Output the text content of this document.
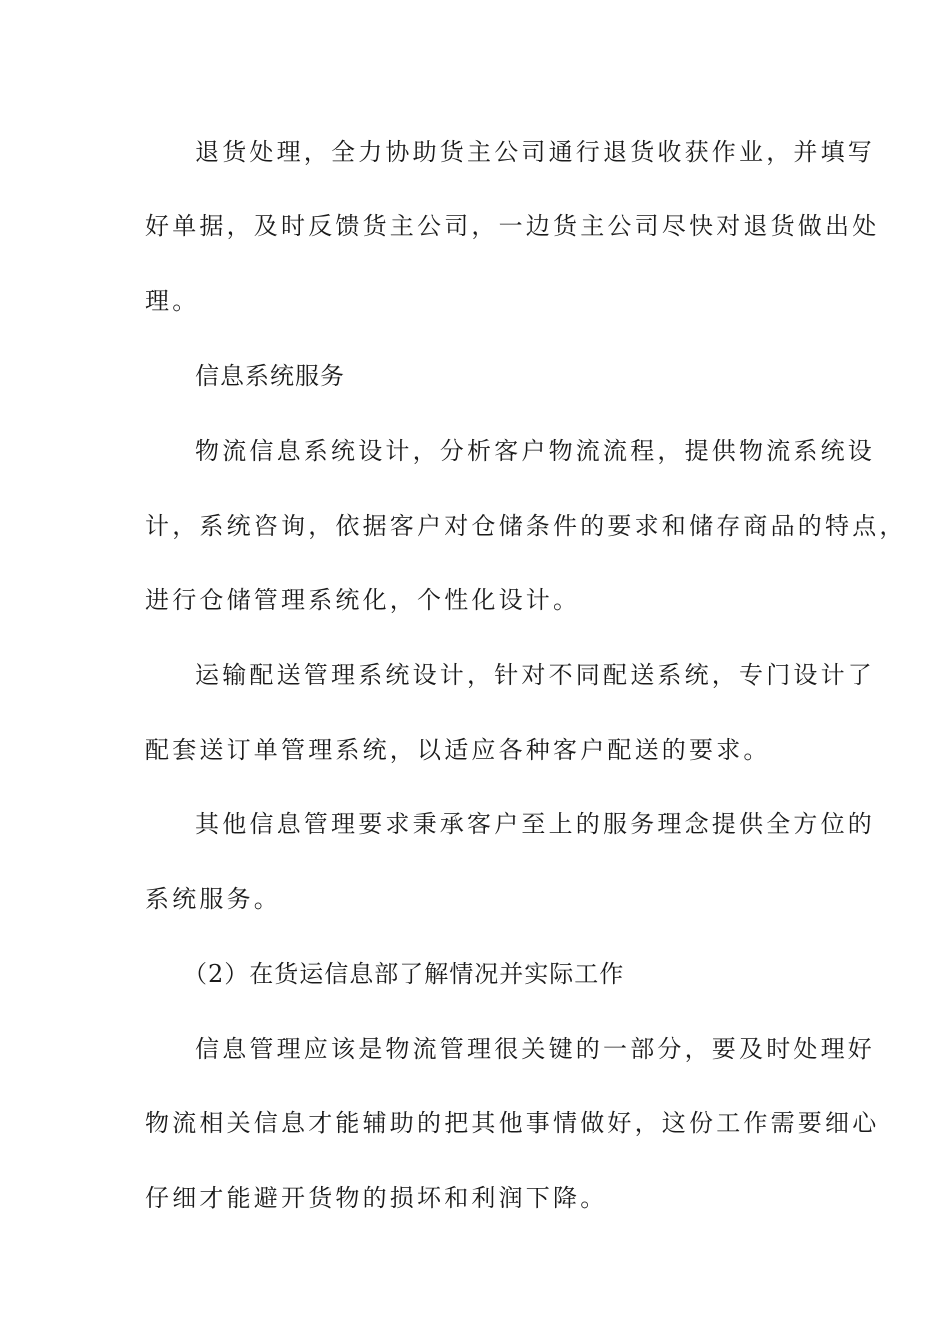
退货处理，全力协助货主公司通行退货收获作业，并填写
好单据，及时反馈货主公司，一边货主公司尽快对退货做出处
理。
信息系统服务
物流信息系统设计，分析客户物流流程，提供物流系统设
计，系统咨询，依据客户对仓储条件的要求和储存商品的特点，
进行仓储管理系统化，个性化设计。
运输配送管理系统设计，针对不同配送系统，专门设计了
配套送订单管理系统，以适应各种客户配送的要求。
其他信息管理要求秉承客户至上的服务理念提供全方位的
系统服务。
（2）在货运信息部了解情况并实际工作
信息管理应该是物流管理很关键的一部分，要及时处理好
物流相关信息才能辅助的把其他事情做好，这份工作需要细心
仔细才能避开货物的损坏和利润下降。
